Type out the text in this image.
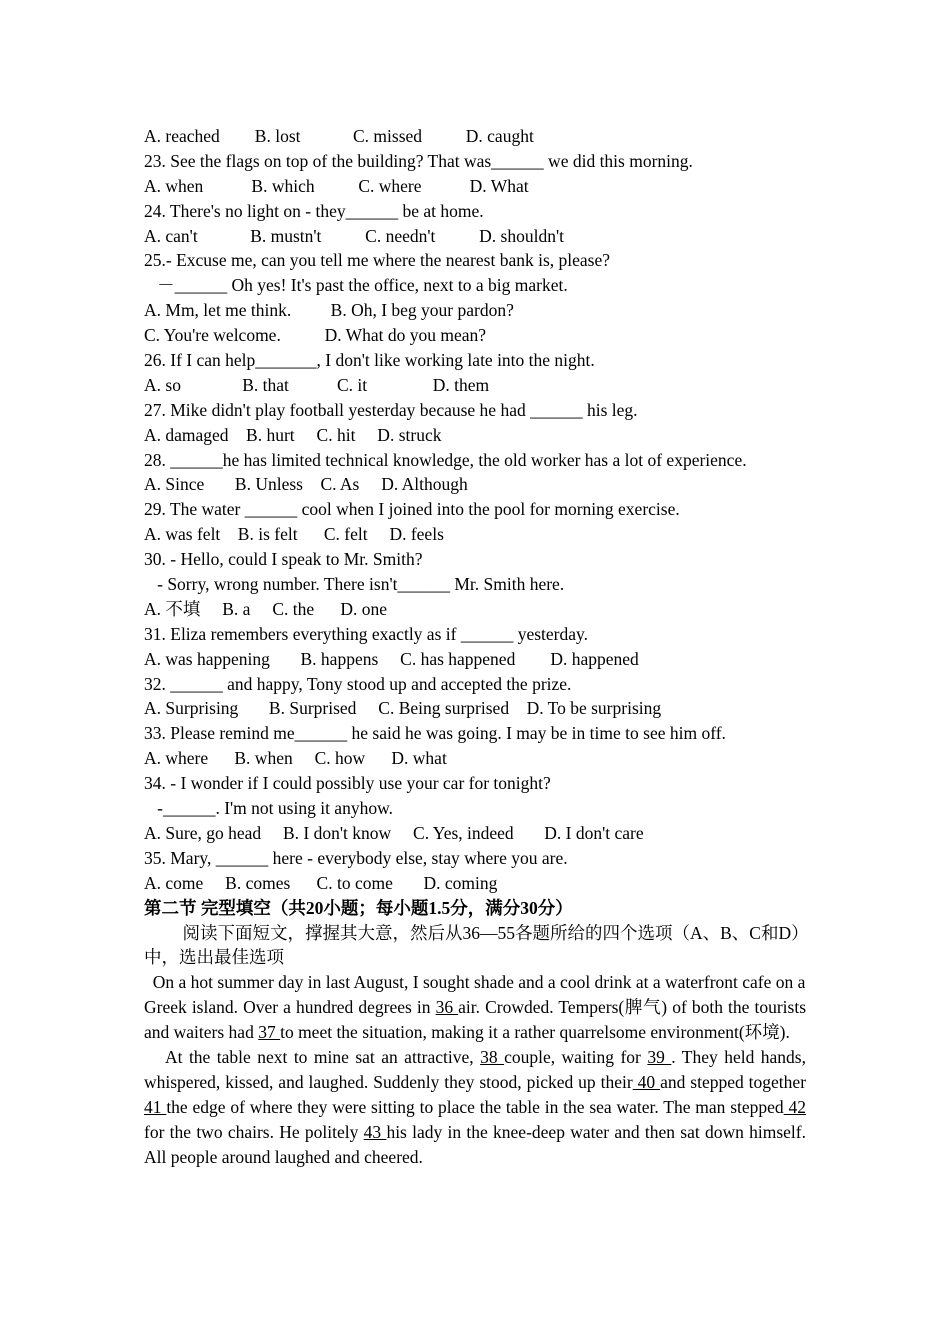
A. reached        B. lost            C. missed          D. caught
23. See the flags on top of the building? That was______ we did this morning.
A. when           B. which          C. where           D. What
24. There's no light on - they______ be at home.
A. can't            B. mustn't          C. needn't          D. shouldn't
25.- Excuse me, can you tell me where the nearest bank is, please?
－______ Oh yes! It's past the office, next to a big market.
A. Mm, let me think.         B. Oh, I beg your pardon?
C. You're welcome.          D. What do you mean?
26. If I can help_______, I don't like working late into the night.
A. so              B. that           C. it               D. them
27. Mike didn't play football yesterday because he had ______ his leg.
A. damaged    B. hurt     C. hit     D. struck
28. ______he has limited technical knowledge, the old worker has a lot of experience.
A. Since       B. Unless    C. As     D. Although
29. The water ______ cool when I joined into the pool for morning exercise.
A. was felt    B. is felt      C. felt     D. feels
30. - Hello, could I speak to Mr. Smith?
- Sorry, wrong number. There isn't______ Mr. Smith here.
A. 不填     B. a     C. the      D. one
31. Eliza remembers everything exactly as if ______ yesterday.
A. was happening       B. happens     C. has happened        D. happened
32. ______ and happy, Tony stood up and accepted the prize.
A. Surprising       B. Surprised     C. Being surprised    D. To be surprising
33. Please remind me______ he said he was going. I may be in time to see him off.
A. where      B. when     C. how      D. what
34. - I wonder if I could possibly use your car for tonight?
-______. I'm not using it anyhow.
A. Sure, go head     B. I don't know     C. Yes, indeed       D. I don't care
35. Mary, ______ here - everybody else, stay where you are.
A. come     B. comes      C. to come       D. coming
第二节 完型填空（共20小题；每小题1.5分，满分30分）
阅读下面短文，撑握其大意，然后从36—55各题所给的四个选项（A、B、C和D）中，选出最佳选项
On a hot summer day in last August, I sought shade and a cool drink at a waterfront cafe on a
Greek island. Over a hundred degrees in 36 air. Crowded. Tempers(脾气) of both the tourists and waiters had 37 to meet the situation, making it a rather quarrelsome environment(环境).
At the table next to mine sat an attractive, 38 couple, waiting for 39 . They held hands, whispered, kissed, and laughed. Suddenly they stood, picked up their 40 and stepped together 41 the edge of where they were sitting to place the table in the sea water. The man stepped 42 for the two chairs. He politely 43 his lady in the knee-deep water and then sat down himself. All people around laughed and cheered.
